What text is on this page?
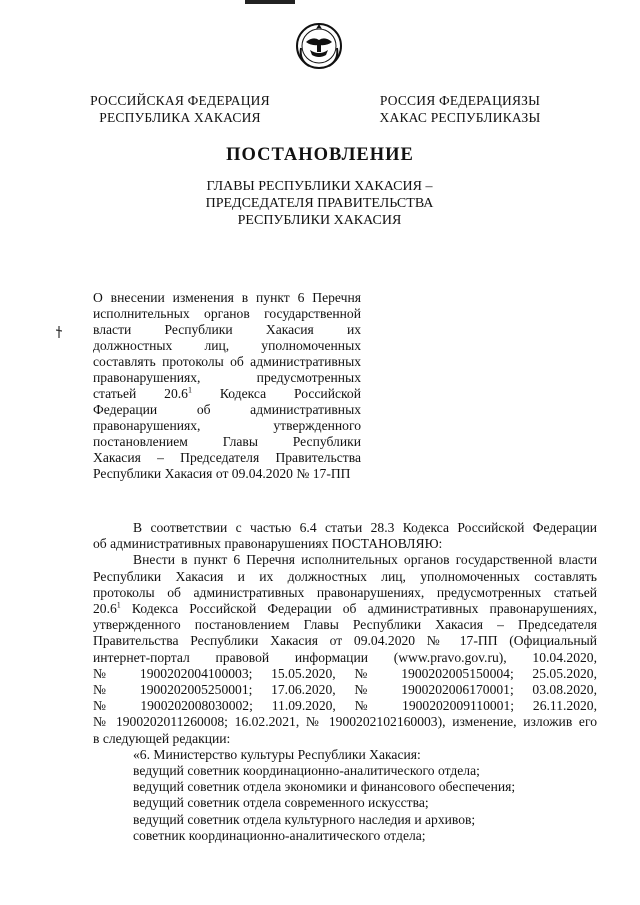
РОССИЙСКАЯ ФЕДЕРАЦИЯ
РЕСПУБЛИКА ХАКАСИЯ
РОССИЯ ФЕДЕРАЦИЯЗЫ
ХАКАС РЕСПУБЛИКАЗЫ
ПОСТАНОВЛЕНИЕ
ГЛАВЫ РЕСПУБЛИКИ ХАКАСИЯ –
ПРЕДСЕДАТЕЛЯ ПРАВИТЕЛЬСТВА
РЕСПУБЛИКИ ХАКАСИЯ
О внесении изменения в пункт 6 Перечня
исполнительных органов государственной
власти Республики Хакасия их
должностных лиц, уполномоченных
составлять протоколы об административных
правонарушениях, предусмотренных
статьей 20.6$^1$ Кодекса Российской
Федерации об административных
правонарушениях, утвержденного
постановлением Главы Республики
Хакасия – Председателя Правительства
Республики Хакасия от 09.04.2020 № 17-ПП
В соответствии с частью 6.4 статьи 28.3 Кодекса Российской Федерации
об административных правонарушениях ПОСТАНОВЛЯЮ:
Внести в пункт 6 Перечня исполнительных органов государственной власти
Республики Хакасия и их должностных лиц, уполномоченных составлять
протоколы об административных правонарушениях, предусмотренных статьей
20.6$^1$ Кодекса Российской Федерации об административных правонарушениях,
утвержденного постановлением Главы Республики Хакасия – Председателя
Правительства Республики Хакасия от 09.04.2020 № 17-ПП (Официальный
интернет-портал правовой информации (www.pravo.gov.ru), 10.04.2020,
№ 1900202004100003; 15.05.2020, № 1900202005150004; 25.05.2020,
№ 1900202005250001; 17.06.2020, № 1900202006170001; 03.08.2020,
№ 1900202008030002; 11.09.2020, № 1900202009110001; 26.11.2020,
№ 1900202011260008; 16.02.2021, № 1900202102160003), изменение, изложив его
в следующей редакции:
«6. Министерство культуры Республики Хакасия:
ведущий советник координационно-аналитического отдела;
ведущий советник отдела экономики и финансового обеспечения;
ведущий советник отдела современного искусства;
ведущий советник отдела культурного наследия и архивов;
советник координационно-аналитического отдела;
